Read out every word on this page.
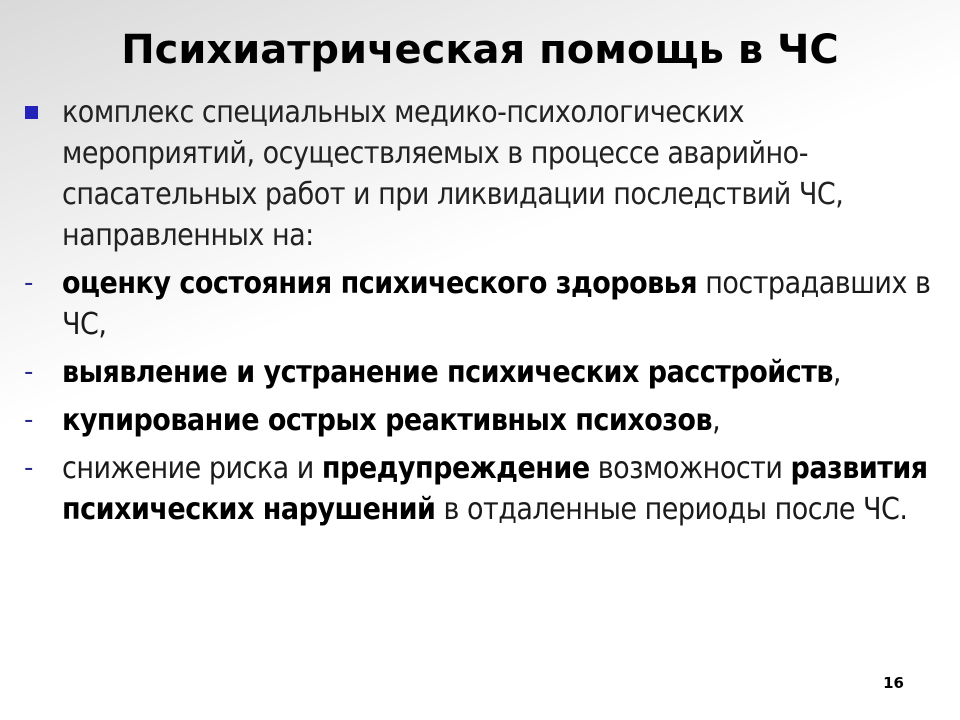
Психиатрическая помощь в ЧС
комплекс специальных медико-психологических мероприятий, осуществляемых в процессе аварийно-спасательных работ и при ликвидации последствий ЧС, направленных на:
- оценку состояния психического здоровья пострадавших в ЧС,
- выявление и устранение психических расстройств,
- купирование острых реактивных психозов,
- снижение риска и предупреждение возможности развития психических нарушений в отдаленные периоды после ЧС.
16
